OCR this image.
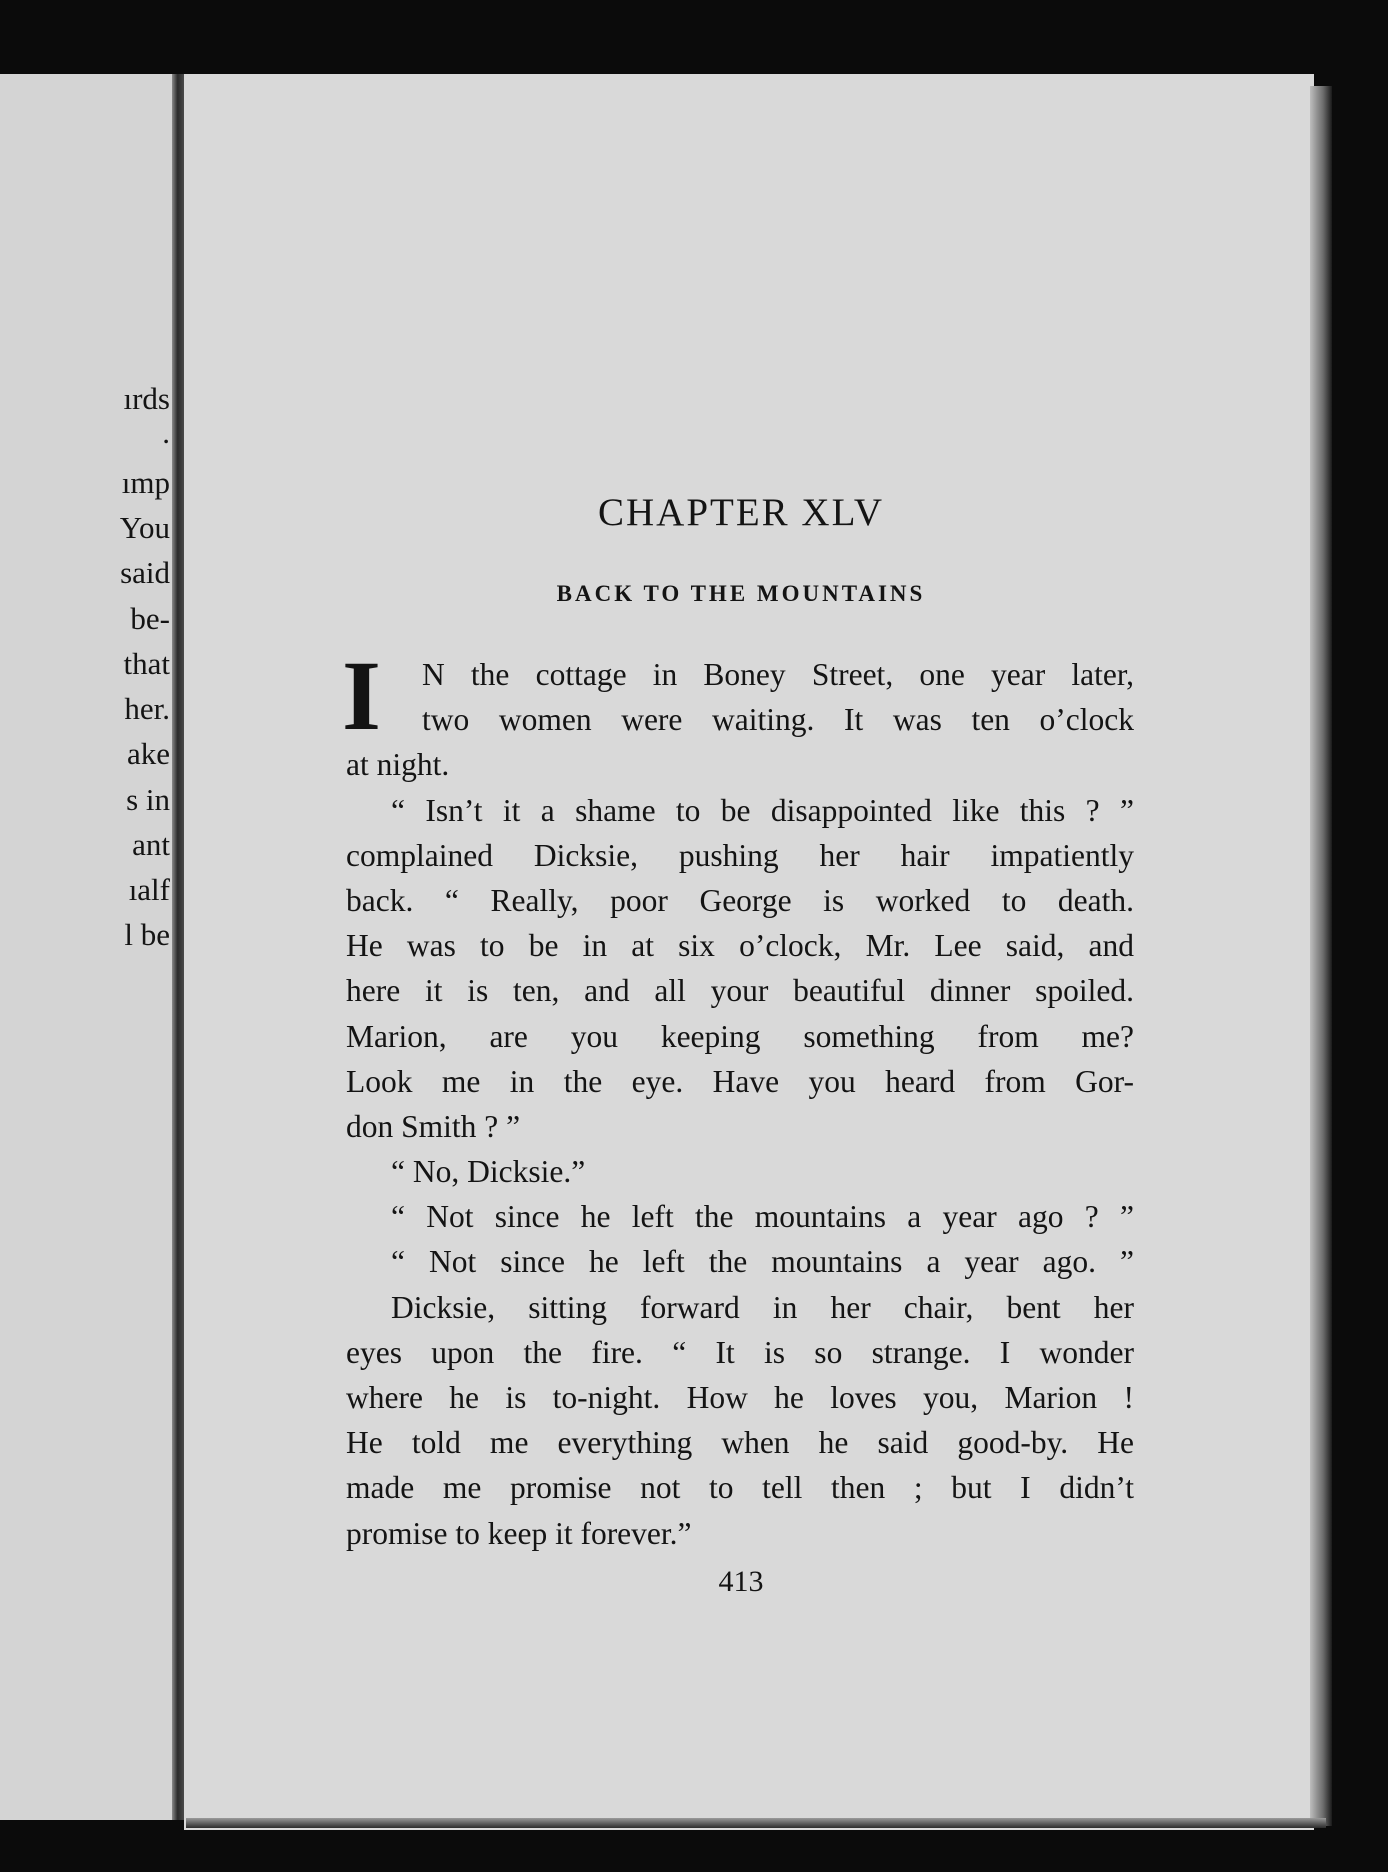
ırds
.
ımp
You
said
be-
that
her.
ake
s in
ant
ıalf
l be
CHAPTER XLV
BACK TO THE MOUNTAINS
I	N the cottage in Boney Street, one year later,
two women were waiting. It was ten o’clock
at night.
“ Isn’t it a shame to be disappointed like this ? ”
complained Dicksie, pushing her hair impatiently
back. “ Really, poor George is worked to death.
He was to be in at six o’clock, Mr. Lee said, and
here it is ten, and all your beautiful dinner spoiled.
Marion, are you keeping something from me?
Look me in the eye. Have you heard from Gor-
don Smith ? ”
“ No, Dicksie.”
“ Not since he left the mountains a year ago ? ”
“ Not since he left the mountains a year ago. ”
Dicksie, sitting forward in her chair, bent her
eyes upon the fire. “ It is so strange. I wonder
where he is to-night. How he loves you, Marion !
He told me everything when he said good-by. He
made me promise not to tell then ; but I didn’t
promise to keep it forever.”
413
